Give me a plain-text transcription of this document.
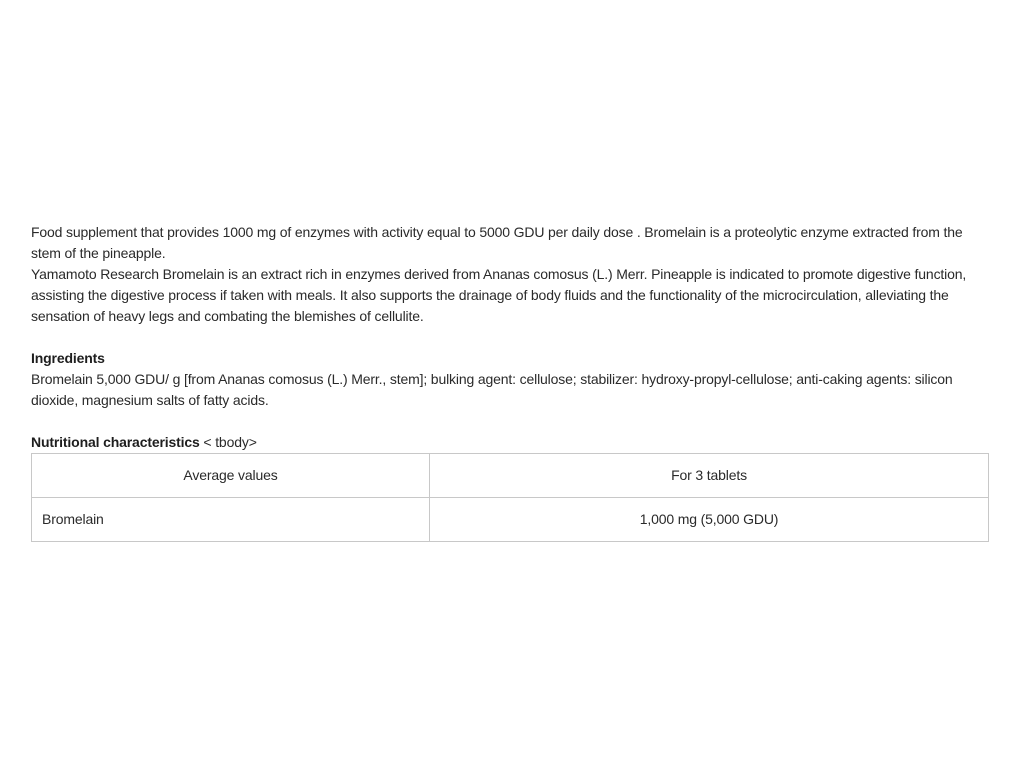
Food supplement that provides 1000 mg of enzymes with activity equal to 5000 GDU per daily dose . Bromelain is a proteolytic enzyme extracted from the stem of the pineapple.

Yamamoto Research Bromelain is an extract rich in enzymes derived from Ananas comosus (L.) Merr. Pineapple is indicated to promote digestive function, assisting the digestive process if taken with meals. It also supports the drainage of body fluids and the functionality of the microcirculation, alleviating the sensation of heavy legs and combating the blemishes of cellulite.

Ingredients

Bromelain 5,000 GDU/ g [from Ananas comosus (L.) Merr., stem]; bulking agent: cellulose; stabilizer: hydroxy-propyl-cellulose; anti-caking agents: silicon dioxide, magnesium salts of fatty acids.

Nutritional characteristics < tbody>

Average values	For 3 tablets
Bromelain	1,000 mg (5,000 GDU)
